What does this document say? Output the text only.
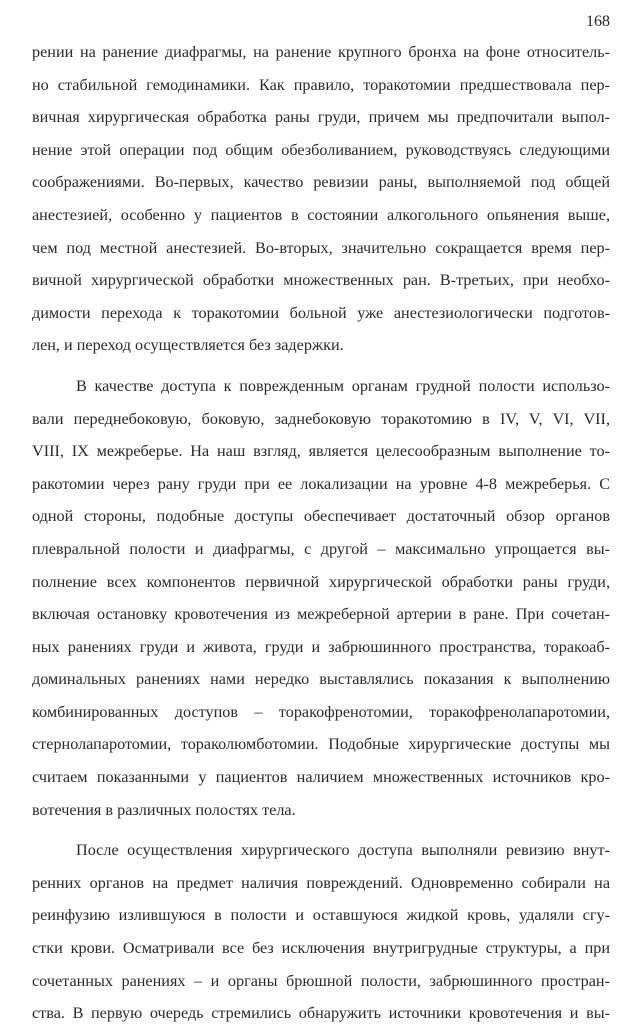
168
рении на ранение диафрагмы, на ранение крупного бронха на фоне относитель-
но стабильной гемодинамики. Как правило, торакотомии предшествовала пер-
вичная хирургическая обработка раны груди, причем мы предпочитали выпол-
нение этой операции под общим обезболиванием, руководствуясь следующими
соображениями. Во-первых, качество ревизии раны, выполняемой под общей
анестезией, особенно у пациентов в состоянии алкогольного опьянения выше,
чем под местной анестезией. Во-вторых, значительно сокращается время пер-
вичной хирургической обработки множественных ран. В-третьих, при необхо-
димости перехода к торакотомии больной уже анестезиологически подготов-
лен, и переход осуществляется без задержки.
В качестве доступа к поврежденным органам грудной полости использо-
вали переднебоковую, боковую, заднебоковую торакотомию в IV, V, VI, VII,
VIII, IX межреберье. На наш взгляд, является целесообразным выполнение то-
ракотомии через рану груди при ее локализации на уровне 4-8 межреберья. С
одной стороны, подобные доступы обеспечивает достаточный обзор органов
плевральной полости и диафрагмы, с другой – максимально упрощается вы-
полнение всех компонентов первичной хирургической обработки раны груди,
включая остановку кровотечения из межреберной артерии в ране. При сочетан-
ных ранениях груди и живота, груди и забрюшинного пространства, торакоаб-
доминальных ранениях нами нередко выставлялись показания к выполнению
комбинированных доступов – торакофренотомии, торакофренолапаротомии,
стернолапаротомии, тораколюмботомии. Подобные хирургические доступы мы
считаем показанными у пациентов наличием множественных источников кро-
вотечения в различных полостях тела.
После осуществления хирургического доступа выполняли ревизию внут-
ренних органов на предмет наличия повреждений. Одновременно собирали на
реинфузию излившуюся в полости и оставшуюся жидкой кровь, удаляли сгу-
стки крови. Осматривали все без исключения внутригрудные структуры, а при
сочетанных ранениях – и органы брюшной полости, забрюшинного простран-
ства. В первую очередь стремились обнаружить источники кровотечения и вы-
